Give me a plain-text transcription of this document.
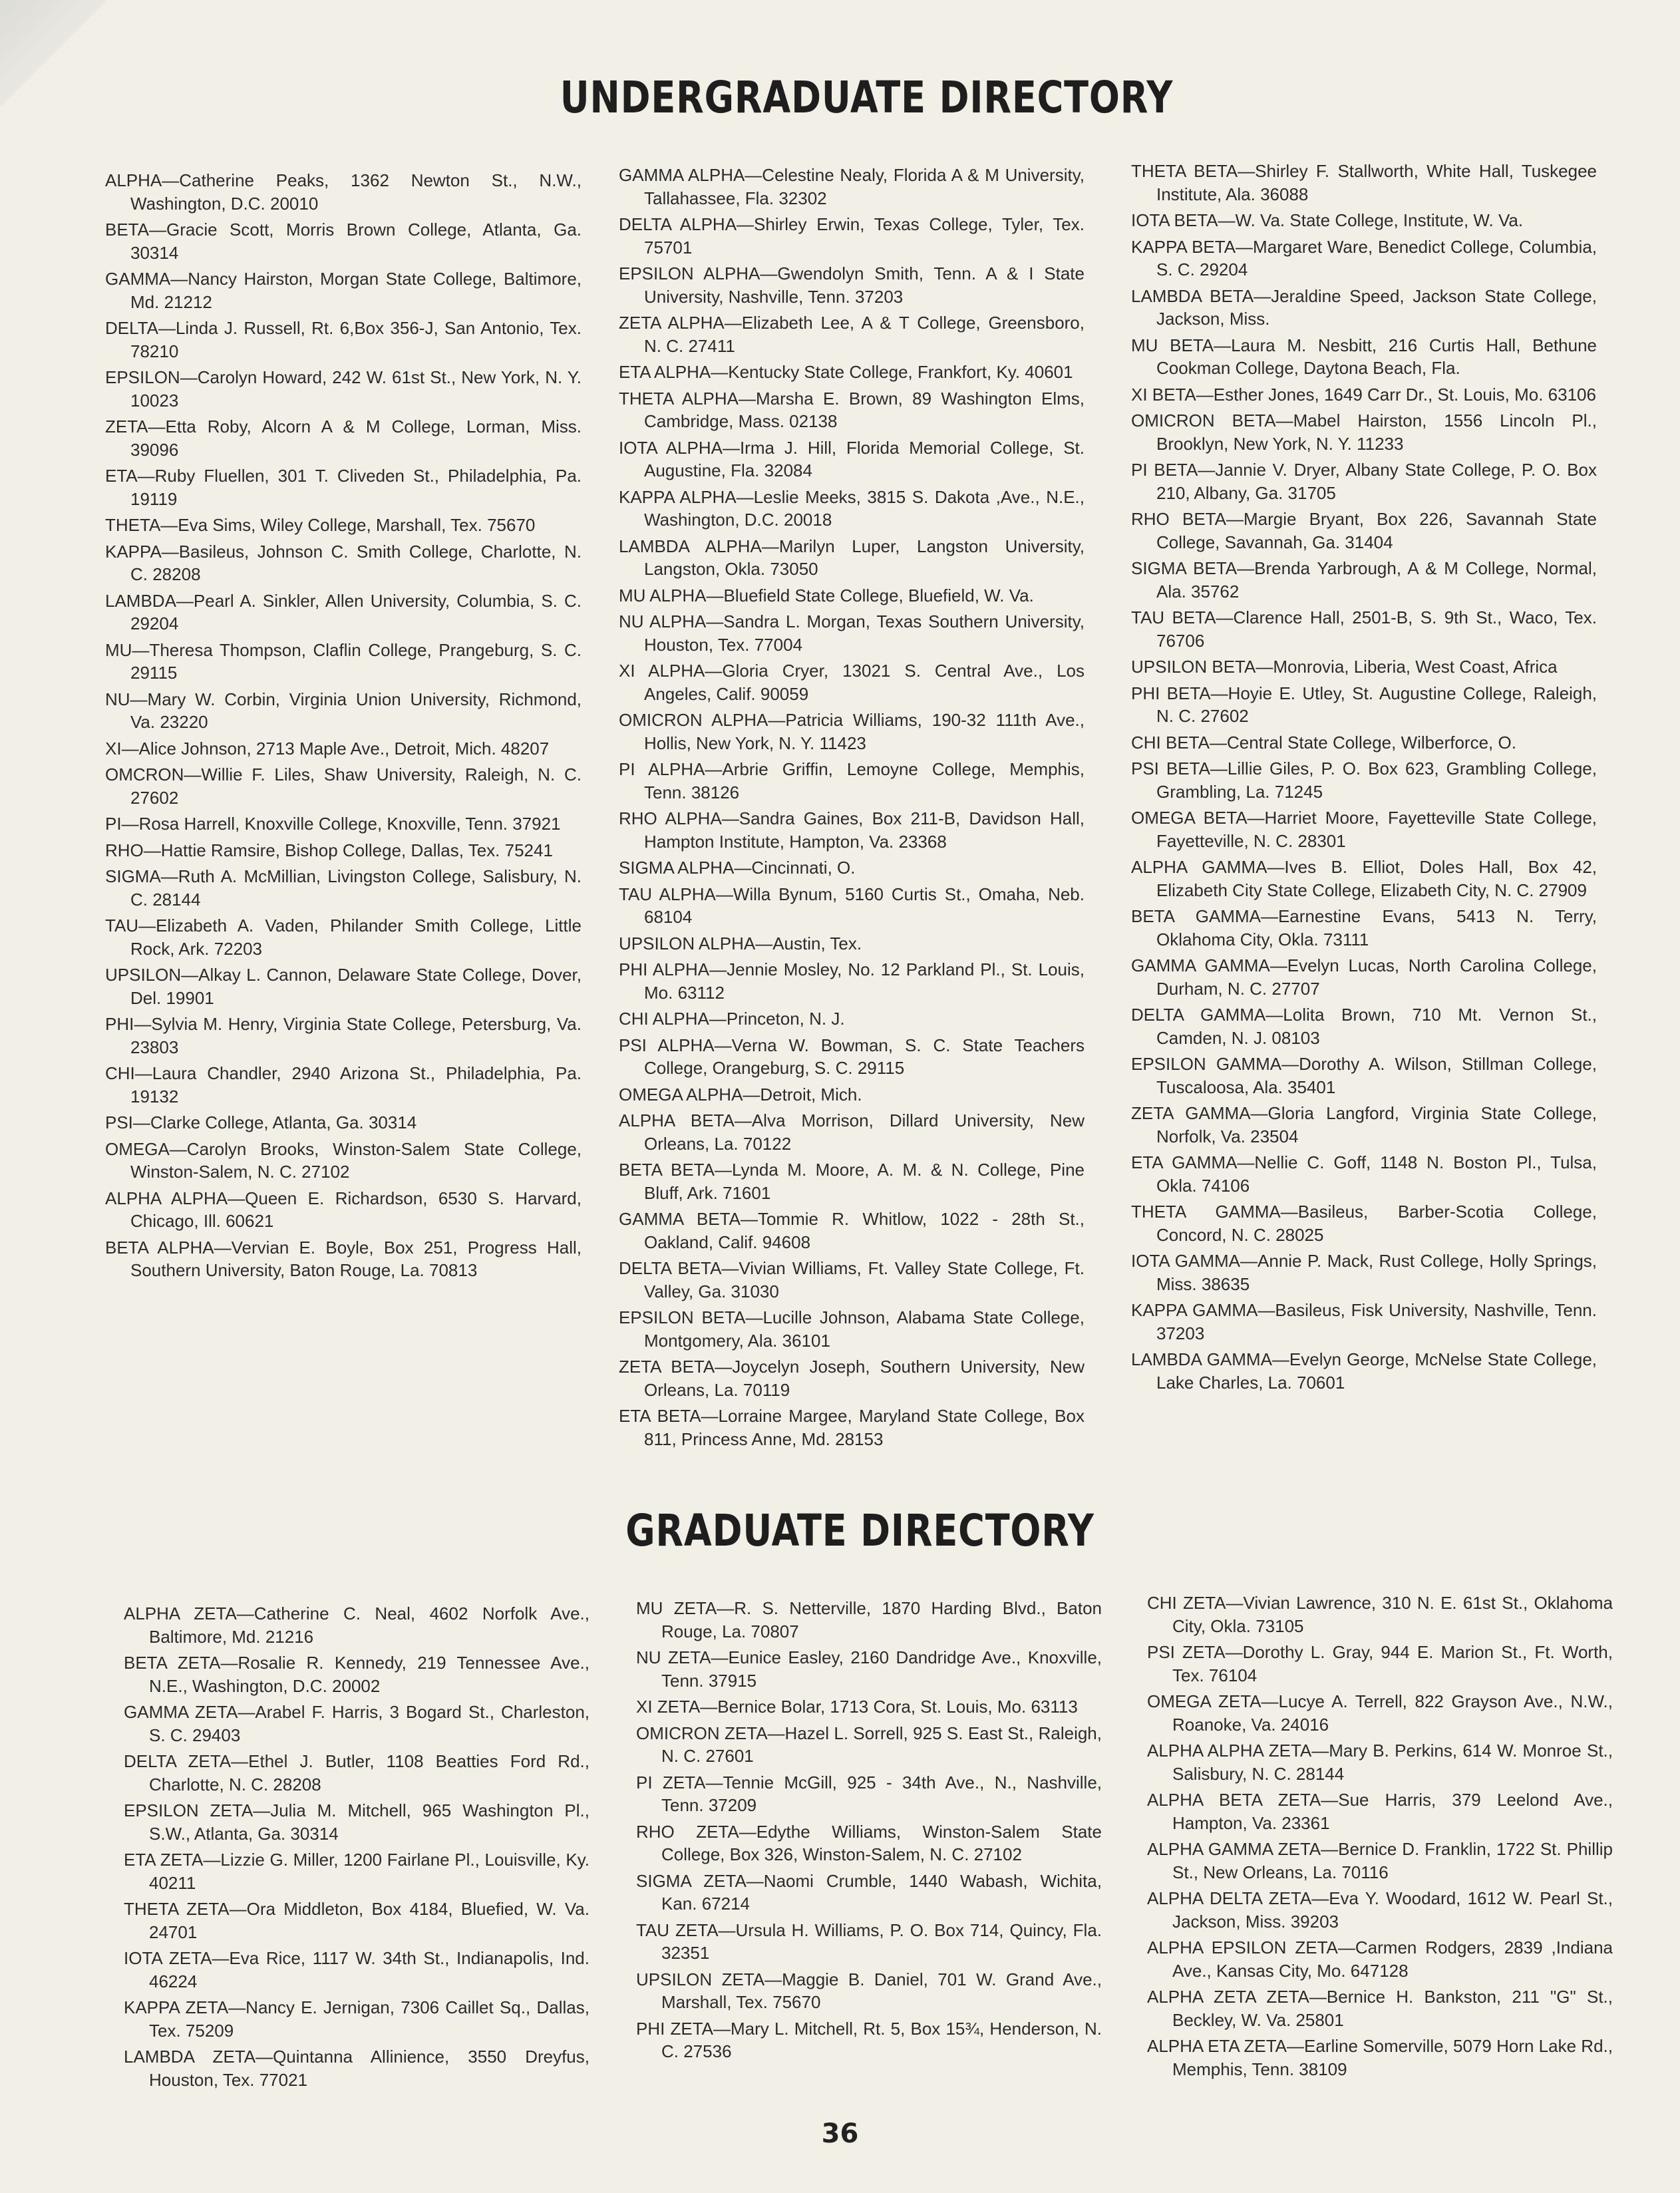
UNDERGRADUATE DIRECTORY
ALPHA—Catherine Peaks, 1362 Newton St., N.W., Washington, D.C. 20010
BETA—Gracie Scott, Morris Brown College, Atlanta, Ga. 30314
GAMMA—Nancy Hairston, Morgan State College, Baltimore, Md. 21212
DELTA—Linda J. Russell, Rt. 6,Box 356-J, San Antonio, Tex. 78210
EPSILON—Carolyn Howard, 242 W. 61st St., New York, N. Y. 10023
ZETA—Etta Roby, Alcorn A & M College, Lorman, Miss. 39096
ETA—Ruby Fluellen, 301 T. Cliveden St., Philadelphia, Pa. 19119
THETA—Eva Sims, Wiley College, Marshall, Tex. 75670
KAPPA—Basileus, Johnson C. Smith College, Charlotte, N. C. 28208
LAMBDA—Pearl A. Sinkler, Allen University, Columbia, S. C. 29204
MU—Theresa Thompson, Claflin College, Prangeburg, S. C. 29115
NU—Mary W. Corbin, Virginia Union University, Richmond, Va. 23220
XI—Alice Johnson, 2713 Maple Ave., Detroit, Mich. 48207
OMCRON—Willie F. Liles, Shaw University, Raleigh, N. C. 27602
PI—Rosa Harrell, Knoxville College, Knoxville, Tenn. 37921
RHO—Hattie Ramsire, Bishop College, Dallas, Tex. 75241
SIGMA—Ruth A. McMillian, Livingston College, Salisbury, N. C. 28144
TAU—Elizabeth A. Vaden, Philander Smith College, Little Rock, Ark. 72203
UPSILON—Alkay L. Cannon, Delaware State College, Dover, Del. 19901
PHI—Sylvia M. Henry, Virginia State College, Petersburg, Va. 23803
CHI—Laura Chandler, 2940 Arizona St., Philadelphia, Pa. 19132
PSI—Clarke College, Atlanta, Ga. 30314
OMEGA—Carolyn Brooks, Winston-Salem State College, Winston-Salem, N. C. 27102
ALPHA ALPHA—Queen E. Richardson, 6530 S. Harvard, Chicago, Ill. 60621
BETA ALPHA—Vervian E. Boyle, Box 251, Progress Hall, Southern University, Baton Rouge, La. 70813
GAMMA ALPHA—Celestine Nealy, Florida A & M University, Tallahassee, Fla. 32302
DELTA ALPHA—Shirley Erwin, Texas College, Tyler, Tex. 75701
EPSILON ALPHA—Gwendolyn Smith, Tenn. A & I State University, Nashville, Tenn. 37203
ZETA ALPHA—Elizabeth Lee, A & T College, Greensboro, N. C. 27411
ETA ALPHA—Kentucky State College, Frankfort, Ky. 40601
THETA ALPHA—Marsha E. Brown, 89 Washington Elms, Cambridge, Mass. 02138
IOTA ALPHA—Irma J. Hill, Florida Memorial College, St. Augustine, Fla. 32084
KAPPA ALPHA—Leslie Meeks, 3815 S. Dakota ,Ave., N.E., Washington, D.C. 20018
LAMBDA ALPHA—Marilyn Luper, Langston University, Langston, Okla. 73050
MU ALPHA—Bluefield State College, Bluefield, W. Va.
NU ALPHA—Sandra L. Morgan, Texas Southern University, Houston, Tex. 77004
XI ALPHA—Gloria Cryer, 13021 S. Central Ave., Los Angeles, Calif. 90059
OMICRON ALPHA—Patricia Williams, 190-32 111th Ave., Hollis, New York, N. Y. 11423
PI ALPHA—Arbrie Griffin, Lemoyne College, Memphis, Tenn. 38126
RHO ALPHA—Sandra Gaines, Box 211-B, Davidson Hall, Hampton Institute, Hampton, Va. 23368
SIGMA ALPHA—Cincinnati, O.
TAU ALPHA—Willa Bynum, 5160 Curtis St., Omaha, Neb. 68104
UPSILON ALPHA—Austin, Tex.
PHI ALPHA—Jennie Mosley, No. 12 Parkland Pl., St. Louis, Mo. 63112
CHI ALPHA—Princeton, N. J.
PSI ALPHA—Verna W. Bowman, S. C. State Teachers College, Orangeburg, S. C. 29115
OMEGA ALPHA—Detroit, Mich.
ALPHA BETA—Alva Morrison, Dillard University, New Orleans, La. 70122
BETA BETA—Lynda M. Moore, A. M. & N. College, Pine Bluff, Ark. 71601
GAMMA BETA—Tommie R. Whitlow, 1022 - 28th St., Oakland, Calif. 94608
DELTA BETA—Vivian Williams, Ft. Valley State College, Ft. Valley, Ga. 31030
EPSILON BETA—Lucille Johnson, Alabama State College, Montgomery, Ala. 36101
ZETA BETA—Joycelyn Joseph, Southern University, New Orleans, La. 70119
ETA BETA—Lorraine Margee, Maryland State College, Box 811, Princess Anne, Md. 28153
THETA BETA—Shirley F. Stallworth, White Hall, Tuskegee Institute, Ala. 36088
IOTA BETA—W. Va. State College, Institute, W. Va.
KAPPA BETA—Margaret Ware, Benedict College, Columbia, S. C. 29204
LAMBDA BETA—Jeraldine Speed, Jackson State College, Jackson, Miss.
MU BETA—Laura M. Nesbitt, 216 Curtis Hall, Bethune Cookman College, Daytona Beach, Fla.
XI BETA—Esther Jones, 1649 Carr Dr., St. Louis, Mo. 63106
OMICRON BETA—Mabel Hairston, 1556 Lincoln Pl., Brooklyn, New York, N. Y. 11233
PI BETA—Jannie V. Dryer, Albany State College, P. O. Box 210, Albany, Ga. 31705
RHO BETA—Margie Bryant, Box 226, Savannah State College, Savannah, Ga. 31404
SIGMA BETA—Brenda Yarbrough, A & M College, Normal, Ala. 35762
TAU BETA—Clarence Hall, 2501-B, S. 9th St., Waco, Tex. 76706
UPSILON BETA—Monrovia, Liberia, West Coast, Africa
PHI BETA—Hoyie E. Utley, St. Augustine College, Raleigh, N. C. 27602
CHI BETA—Central State College, Wilberforce, O.
PSI BETA—Lillie Giles, P. O. Box 623, Grambling College, Grambling, La. 71245
OMEGA BETA—Harriet Moore, Fayetteville State College, Fayetteville, N. C. 28301
ALPHA GAMMA—Ives B. Elliot, Doles Hall, Box 42, Elizabeth City State College, Elizabeth City, N. C. 27909
BETA GAMMA—Earnestine Evans, 5413 N. Terry, Oklahoma City, Okla. 73111
GAMMA GAMMA—Evelyn Lucas, North Carolina College, Durham, N. C. 27707
DELTA GAMMA—Lolita Brown, 710 Mt. Vernon St., Camden, N. J. 08103
EPSILON GAMMA—Dorothy A. Wilson, Stillman College, Tuscaloosa, Ala. 35401
ZETA GAMMA—Gloria Langford, Virginia State College, Norfolk, Va. 23504
ETA GAMMA—Nellie C. Goff, 1148 N. Boston Pl., Tulsa, Okla. 74106
THETA GAMMA—Basileus, Barber-Scotia College, Concord, N. C. 28025
IOTA GAMMA—Annie P. Mack, Rust College, Holly Springs, Miss. 38635
KAPPA GAMMA—Basileus, Fisk University, Nashville, Tenn. 37203
LAMBDA GAMMA—Evelyn George, McNelse State College, Lake Charles, La. 70601
GRADUATE DIRECTORY
ALPHA ZETA—Catherine C. Neal, 4602 Norfolk Ave., Baltimore, Md. 21216
BETA ZETA—Rosalie R. Kennedy, 219 Tennessee Ave., N.E., Washington, D.C. 20002
GAMMA ZETA—Arabel F. Harris, 3 Bogard St., Charleston, S. C. 29403
DELTA ZETA—Ethel J. Butler, 1108 Beatties Ford Rd., Charlotte, N. C. 28208
EPSILON ZETA—Julia M. Mitchell, 965 Washington Pl., S.W., Atlanta, Ga. 30314
ETA ZETA—Lizzie G. Miller, 1200 Fairlane Pl., Louisville, Ky. 40211
THETA ZETA—Ora Middleton, Box 4184, Bluefied, W. Va. 24701
IOTA ZETA—Eva Rice, 1117 W. 34th St., Indianapolis, Ind. 46224
KAPPA ZETA—Nancy E. Jernigan, 7306 Caillet Sq., Dallas, Tex. 75209
LAMBDA ZETA—Quintanna Allinience, 3550 Dreyfus, Houston, Tex. 77021
MU ZETA—R. S. Netterville, 1870 Harding Blvd., Baton Rouge, La. 70807
NU ZETA—Eunice Easley, 2160 Dandridge Ave., Knoxville, Tenn. 37915
XI ZETA—Bernice Bolar, 1713 Cora, St. Louis, Mo. 63113
OMICRON ZETA—Hazel L. Sorrell, 925 S. East St., Raleigh, N. C. 27601
PI ZETA—Tennie McGill, 925 - 34th Ave., N., Nashville, Tenn. 37209
RHO ZETA—Edythe Williams, Winston-Salem State College, Box 326, Winston-Salem, N. C. 27102
SIGMA ZETA—Naomi Crumble, 1440 Wabash, Wichita, Kan. 67214
TAU ZETA—Ursula H. Williams, P. O. Box 714, Quincy, Fla. 32351
UPSILON ZETA—Maggie B. Daniel, 701 W. Grand Ave., Marshall, Tex. 75670
PHI ZETA—Mary L. Mitchell, Rt. 5, Box 15¾, Henderson, N. C. 27536
CHI ZETA—Vivian Lawrence, 310 N. E. 61st St., Oklahoma City, Okla. 73105
PSI ZETA—Dorothy L. Gray, 944 E. Marion St., Ft. Worth, Tex. 76104
OMEGA ZETA—Lucye A. Terrell, 822 Grayson Ave., N.W., Roanoke, Va. 24016
ALPHA ALPHA ZETA—Mary B. Perkins, 614 W. Monroe St., Salisbury, N. C. 28144
ALPHA BETA ZETA—Sue Harris, 379 Leelond Ave., Hampton, Va. 23361
ALPHA GAMMA ZETA—Bernice D. Franklin, 1722 St. Phillip St., New Orleans, La. 70116
ALPHA DELTA ZETA—Eva Y. Woodard, 1612 W. Pearl St., Jackson, Miss. 39203
ALPHA EPSILON ZETA—Carmen Rodgers, 2839 ,Indiana Ave., Kansas City, Mo. 647128
ALPHA ZETA ZETA—Bernice H. Bankston, 211 "G" St., Beckley, W. Va. 25801
ALPHA ETA ZETA—Earline Somerville, 5079 Horn Lake Rd., Memphis, Tenn. 38109
36
